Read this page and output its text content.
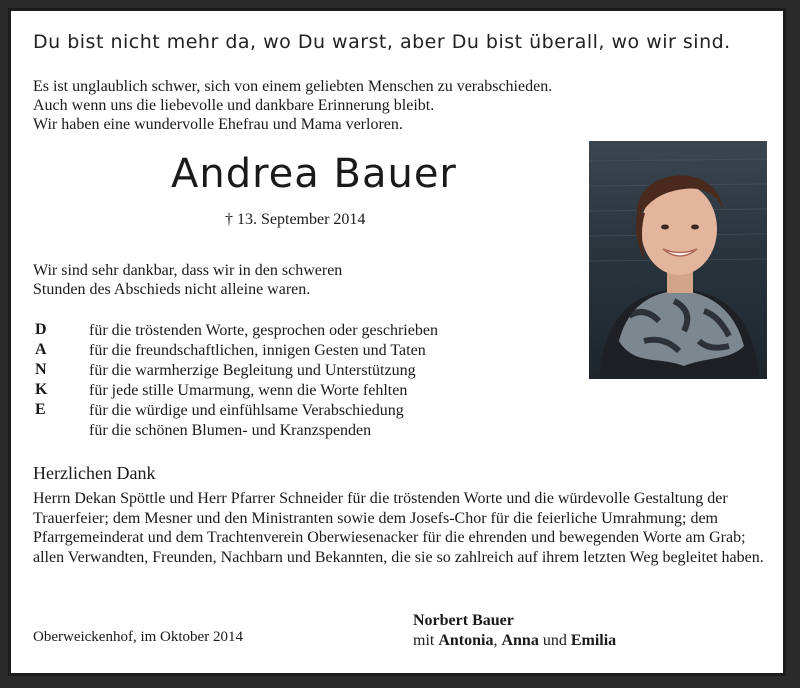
Du bist nicht mehr da, wo Du warst, aber Du bist überall, wo wir sind.
Es ist unglaublich schwer, sich von einem geliebten Menschen zu verabschieden.
Auch wenn uns die liebevolle und dankbare Erinnerung bleibt.
Wir haben eine wundervolle Ehefrau und Mama verloren.
Andrea Bauer
† 13. September 2014
Wir sind sehr dankbar, dass wir in den schweren
Stunden des Abschieds nicht alleine waren.
D
A
N
K
E
für die tröstenden Worte, gesprochen oder geschrieben
für die freundschaftlichen, innigen Gesten und Taten
für die warmherzige Begleitung und Unterstützung
für jede stille Umarmung, wenn die Worte fehlten
für die würdige und einfühlsame Verabschiedung
für die schönen Blumen- und Kranzspenden
Herzlichen Dank
Herrn Dekan Spöttle und Herr Pfarrer Schneider für die tröstenden Worte und die würdevolle Gestaltung der Trauerfeier; dem Mesner und den Ministranten sowie dem Josefs-Chor für die feierliche Umrahmung; dem Pfarrgemeinderat und dem Trachtenverein Oberwiesenacker für die ehrenden und bewegenden Worte am Grab; allen Verwandten, Freunden, Nachbarn und Bekannten, die sie so zahlreich auf ihrem letzten Weg begleitet haben.
Oberweickenhof, im Oktober 2014
Norbert Bauer
mit Antonia, Anna und Emilia
